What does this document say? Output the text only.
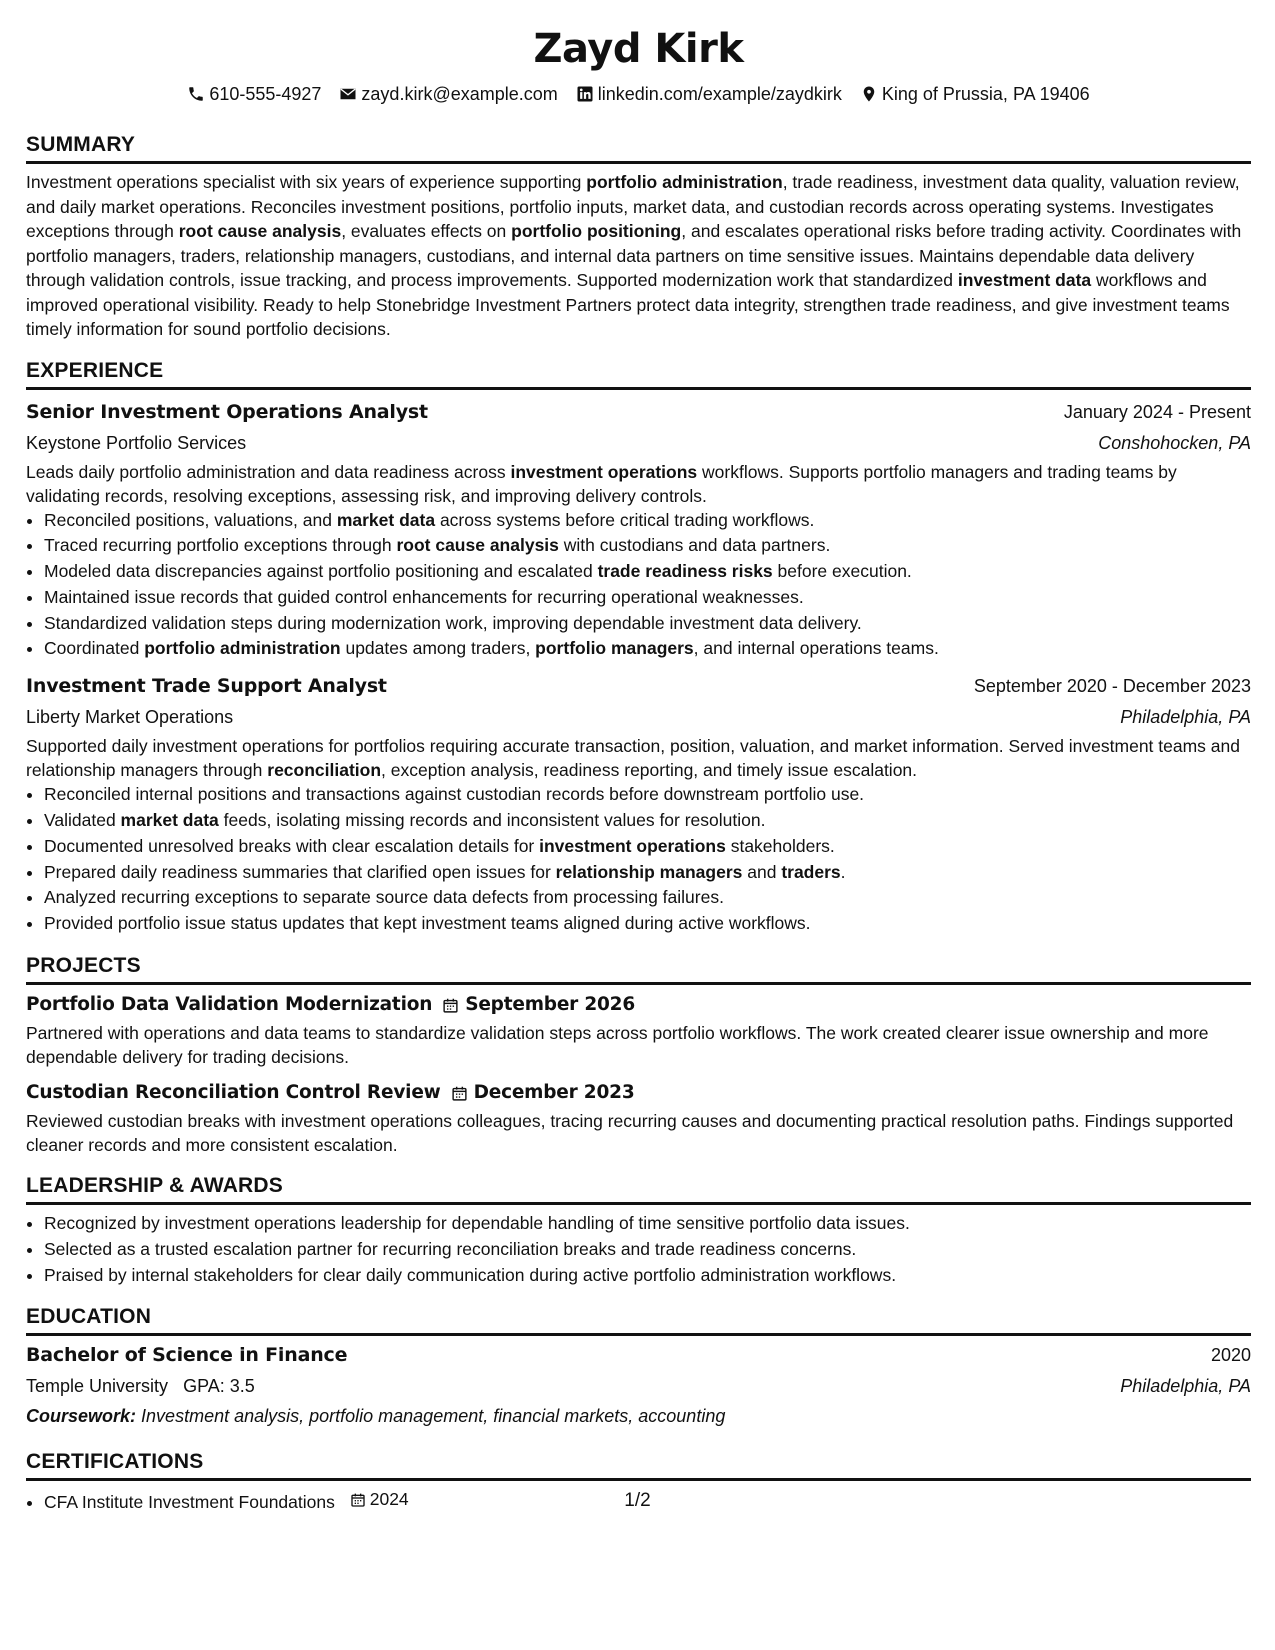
Zayd Kirk
610-555-4927 zayd.kirk@example.com linkedin.com/example/zaydkirk King of Prussia, PA 19406
SUMMARY
Investment operations specialist with six years of experience supporting portfolio administration, trade readiness, investment data quality, valuation review, and daily market operations. Reconciles investment positions, portfolio inputs, market data, and custodian records across operating systems. Investigates exceptions through root cause analysis, evaluates effects on portfolio positioning, and escalates operational risks before trading activity. Coordinates with portfolio managers, traders, relationship managers, custodians, and internal data partners on time sensitive issues. Maintains dependable data delivery through validation controls, issue tracking, and process improvements. Supported modernization work that standardized investment data workflows and improved operational visibility. Ready to help Stonebridge Investment Partners protect data integrity, strengthen trade readiness, and give investment teams timely information for sound portfolio decisions.
EXPERIENCE
Senior Investment Operations Analyst	January 2024 - Present
Keystone Portfolio Services	Conshohocken, PA
Leads daily portfolio administration and data readiness across investment operations workflows. Supports portfolio managers and trading teams by validating records, resolving exceptions, assessing risk, and improving delivery controls.
• Reconciled positions, valuations, and market data across systems before critical trading workflows.
• Traced recurring portfolio exceptions through root cause analysis with custodians and data partners.
• Modeled data discrepancies against portfolio positioning and escalated trade readiness risks before execution.
• Maintained issue records that guided control enhancements for recurring operational weaknesses.
• Standardized validation steps during modernization work, improving dependable investment data delivery.
• Coordinated portfolio administration updates among traders, portfolio managers, and internal operations teams.
Investment Trade Support Analyst	September 2020 - December 2023
Liberty Market Operations	Philadelphia, PA
Supported daily investment operations for portfolios requiring accurate transaction, position, valuation, and market information. Served investment teams and relationship managers through reconciliation, exception analysis, readiness reporting, and timely issue escalation.
• Reconciled internal positions and transactions against custodian records before downstream portfolio use.
• Validated market data feeds, isolating missing records and inconsistent values for resolution.
• Documented unresolved breaks with clear escalation details for investment operations stakeholders.
• Prepared daily readiness summaries that clarified open issues for relationship managers and traders.
• Analyzed recurring exceptions to separate source data defects from processing failures.
• Provided portfolio issue status updates that kept investment teams aligned during active workflows.
PROJECTS
Portfolio Data Validation Modernization September 2026
Partnered with operations and data teams to standardize validation steps across portfolio workflows. The work created clearer issue ownership and more dependable delivery for trading decisions.
Custodian Reconciliation Control Review December 2023
Reviewed custodian breaks with investment operations colleagues, tracing recurring causes and documenting practical resolution paths. Findings supported cleaner records and more consistent escalation.
LEADERSHIP & AWARDS
• Recognized by investment operations leadership for dependable handling of time sensitive portfolio data issues.
• Selected as a trusted escalation partner for recurring reconciliation breaks and trade readiness concerns.
• Praised by internal stakeholders for clear daily communication during active portfolio administration workflows.
EDUCATION
Bachelor of Science in Finance	2020
Temple University GPA: 3.5	Philadelphia, PA
Coursework: Investment analysis, portfolio management, financial markets, accounting
CERTIFICATIONS
• CFA Institute Investment Foundations 2024	1/2
